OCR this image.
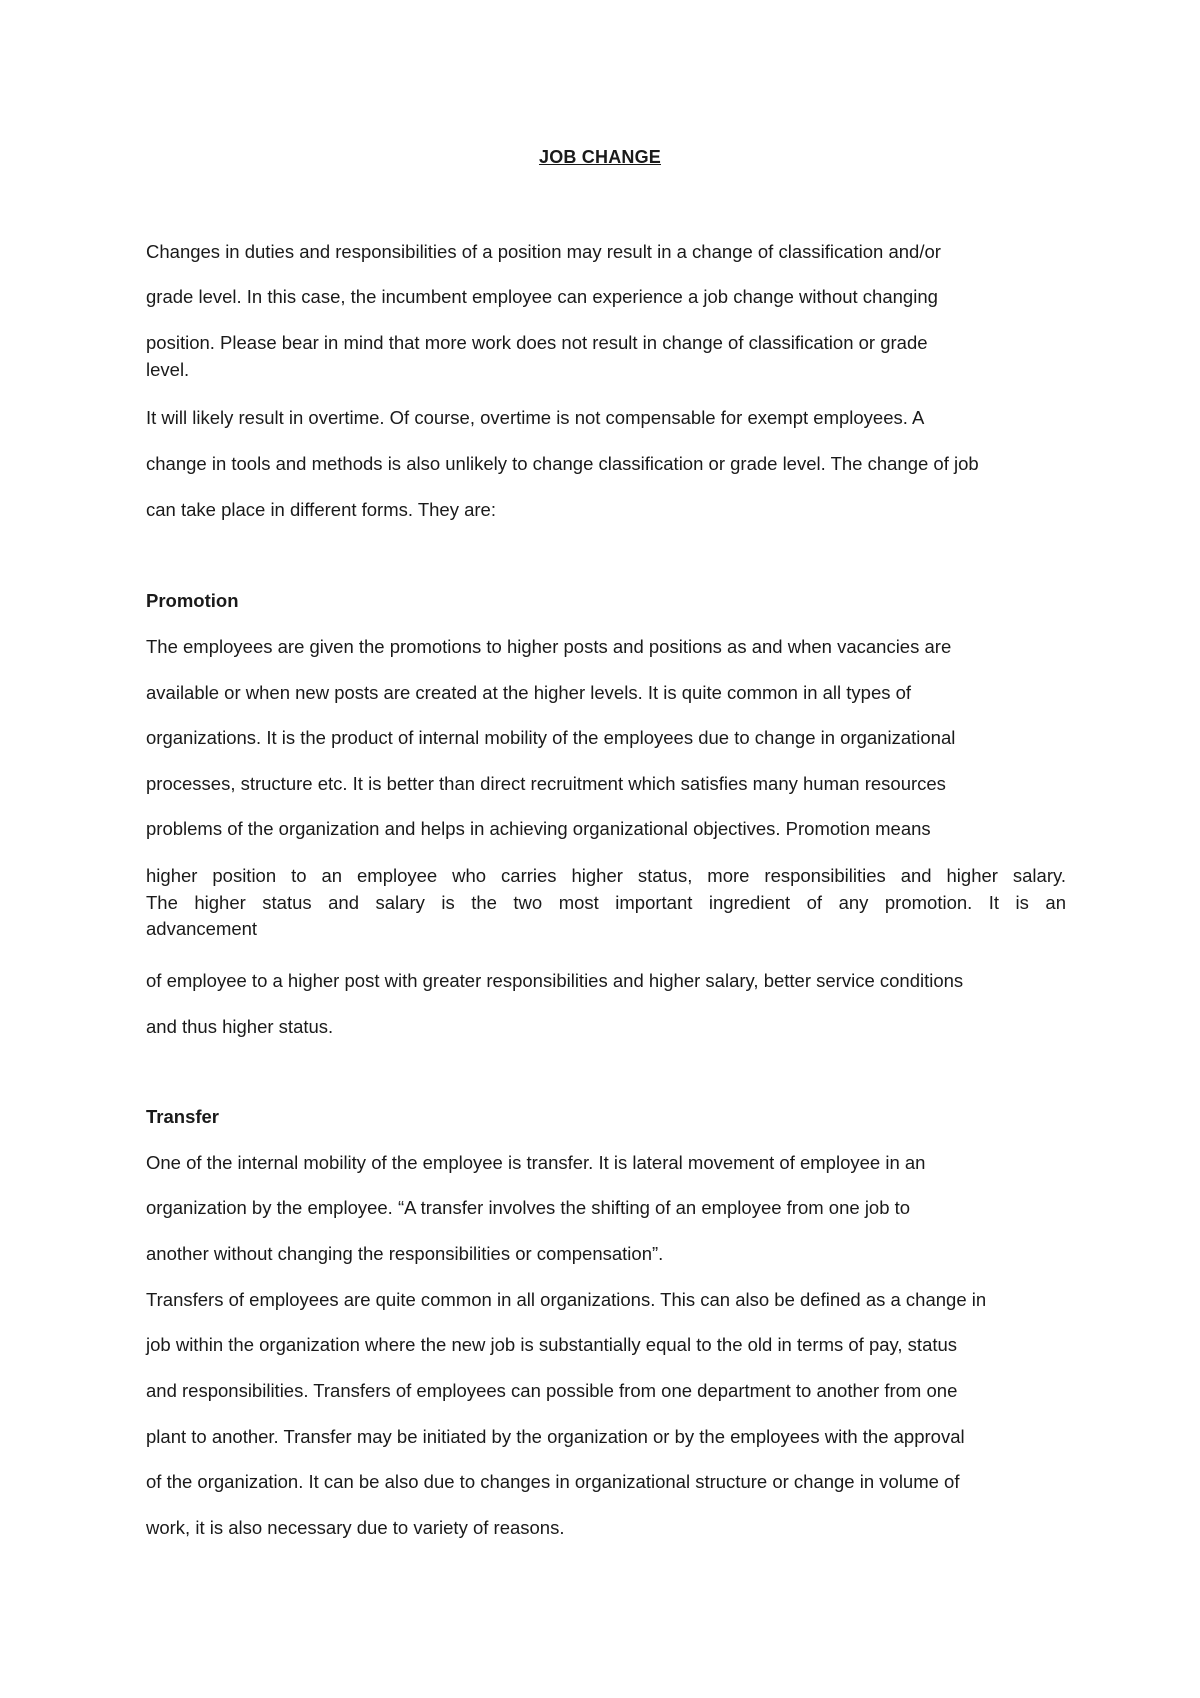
JOB CHANGE
Changes in duties and responsibilities of a position may result in a change of classification and/or
grade level. In this case, the incumbent employee can experience a job change without changing
position. Please bear in mind that more work does not result in change of classification or grade
level.
It will likely result in overtime. Of course, overtime is not compensable for exempt employees. A
change in tools and methods is also unlikely to change classification or grade level. The change of job
can take place in different forms. They are:
Promotion
The employees are given the promotions to higher posts and positions as and when vacancies are
available or when new posts are created at the higher levels. It is quite common in all types of
organizations. It is the product of internal mobility of the employees due to change in organizational
processes, structure etc. It is better than direct recruitment which satisfies many human resources
problems of the organization and helps in achieving organizational objectives. Promotion means
higher position to an employee who carries higher status, more responsibilities and higher salary.
The higher status and salary is the two most important ingredient of any promotion. It is an
advancement
of employee to a higher post with greater responsibilities and higher salary, better service conditions
and thus higher status.
Transfer
One of the internal mobility of the employee is transfer. It is lateral movement of employee in an
organization by the employee. “A transfer involves the shifting of an employee from one job to
another without changing the responsibilities or compensation”.
Transfers of employees are quite common in all organizations. This can also be defined as a change in
job within the organization where the new job is substantially equal to the old in terms of pay, status
and responsibilities. Transfers of employees can possible from one department to another from one
plant to another. Transfer may be initiated by the organization or by the employees with the approval
of the organization. It can be also due to changes in organizational structure or change in volume of
work, it is also necessary due to variety of reasons.
